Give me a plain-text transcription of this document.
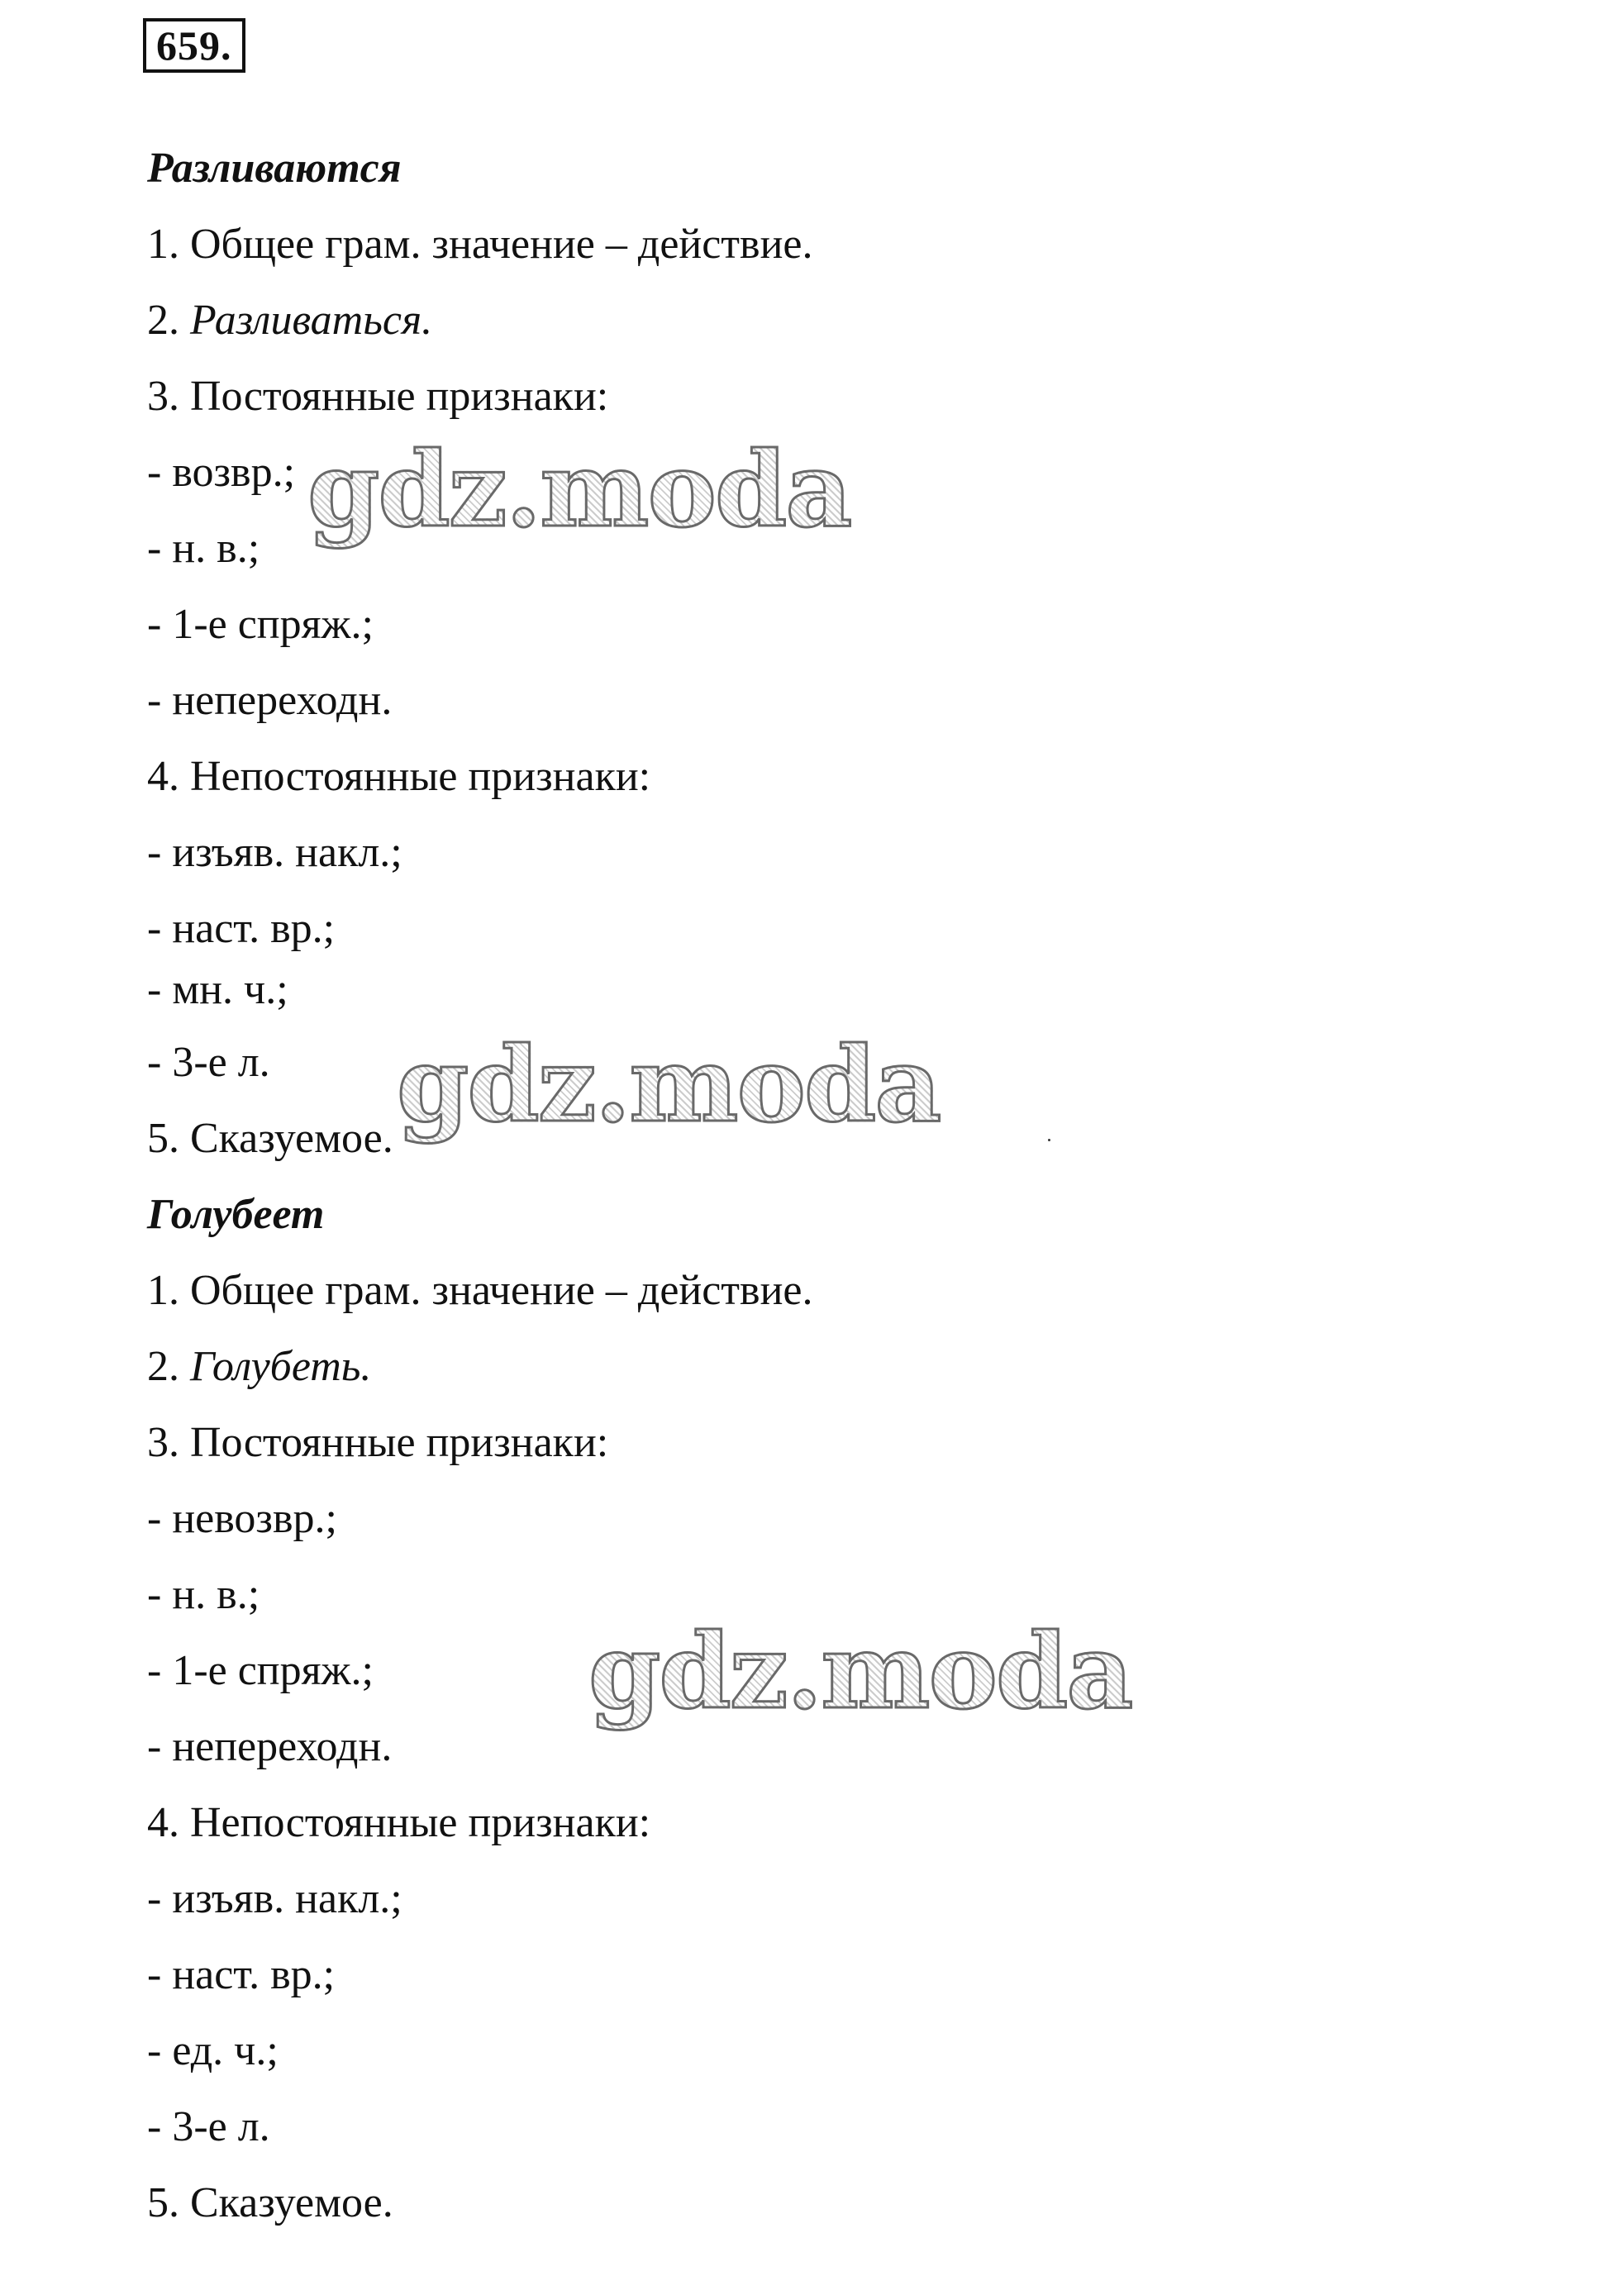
659.
Разливаются
1. Общее грам. значение – действие.
2. Разливаться.
3. Постоянные признаки:
- возвр.;
- н. в.;
- 1-е спряж.;
- непереходн.
4. Непостоянные признаки:
- изъяв. накл.;
- наст. вр.;
- мн. ч.;
- 3-е л.
5. Сказуемое.
Голубеет
1. Общее грам. значение – действие.
2. Голубеть.
3. Постоянные признаки:
- невозвр.;
- н. в.;
- 1-е спряж.;
- непереходн.
4. Непостоянные признаки:
- изъяв. накл.;
- наст. вр.;
- ед. ч.;
- 3-е л.
5. Сказуемое.
gdz.moda
gdz.moda
gdz.moda
